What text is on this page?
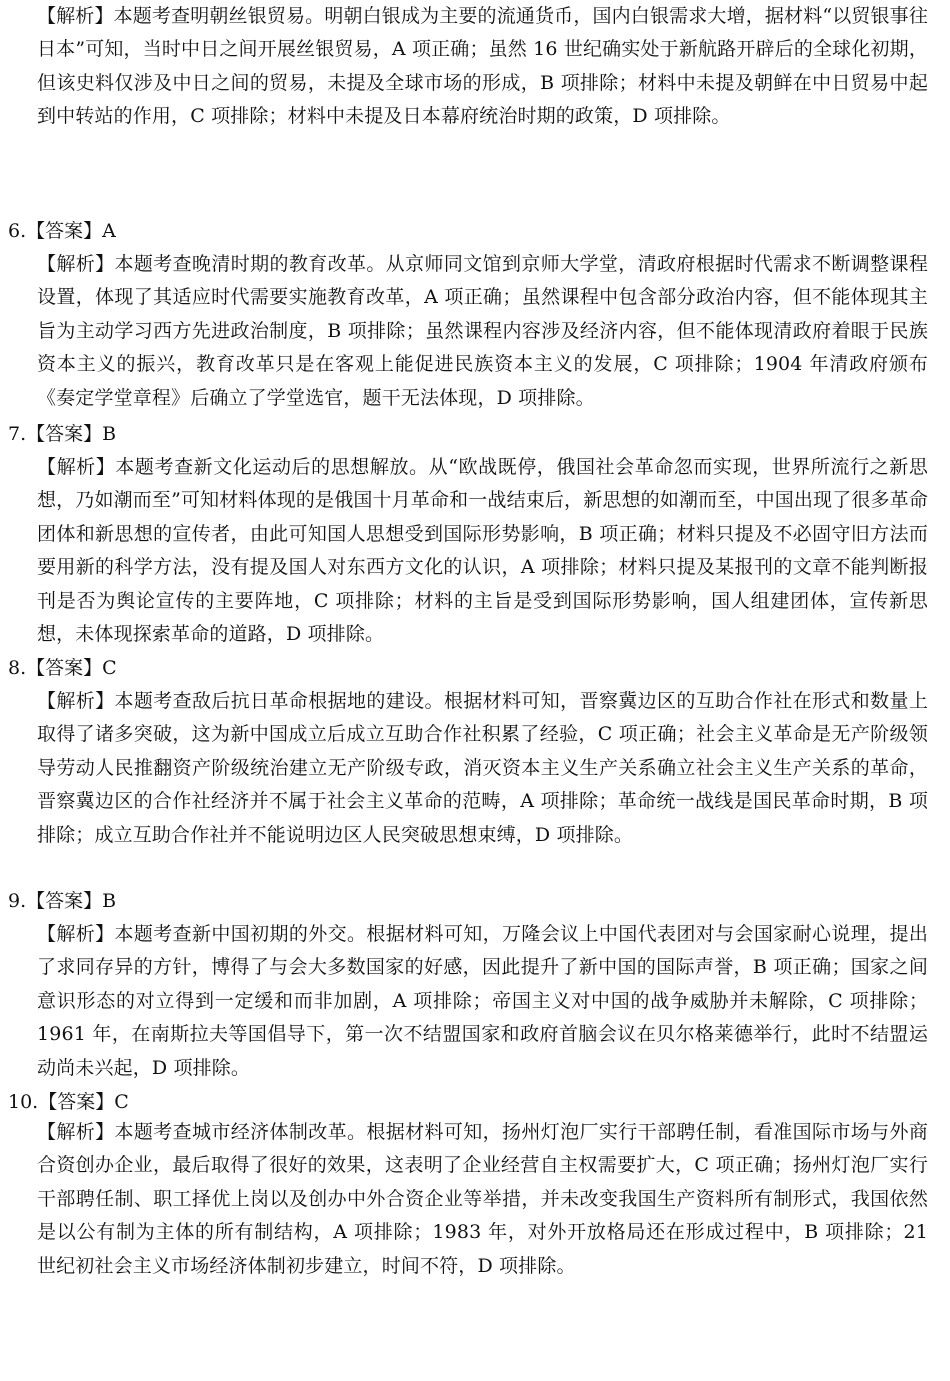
【解析】本题考查明朝丝银贸易。明朝白银成为主要的流通货币，国内白银需求大增，据材料“以贸银事往日本”可知，当时中日之间开展丝银贸易，A 项正确；虽然 16 世纪确实处于新航路开辟后的全球化初期，但该史料仅涉及中日之间的贸易，未提及全球市场的形成，B 项排除；材料中未提及朝鲜在中日贸易中起到中转站的作用，C 项排除；材料中未提及日本幕府统治时期的政策，D 项排除。

6.【答案】A

【解析】本题考查晚清时期的教育改革。从京师同文馆到京师大学堂，清政府根据时代需求不断调整课程设置，体现了其适应时代需要实施教育改革，A 项正确；虽然课程中包含部分政治内容，但不能体现其主旨为主动学习西方先进政治制度，B 项排除；虽然课程内容涉及经济内容，但不能体现清政府着眼于民族资本主义的振兴，教育改革只是在客观上能促进民族资本主义的发展，C 项排除；1904 年清政府颁布《奏定学堂章程》后确立了学堂选官，题干无法体现，D 项排除。

7.【答案】B

【解析】本题考查新文化运动后的思想解放。从“欧战既停，俄国社会革命忽而实现，世界所流行之新思想，乃如潮而至”可知材料体现的是俄国十月革命和一战结束后，新思想的如潮而至，中国出现了很多革命团体和新思想的宣传者，由此可知国人思想受到国际形势影响，B 项正确；材料只提及不必固守旧方法而要用新的科学方法，没有提及国人对东西方文化的认识，A 项排除；材料只提及某报刊的文章不能判断报刊是否为舆论宣传的主要阵地，C 项排除；材料的主旨是受到国际形势影响，国人组建团体，宣传新思想，未体现探索革命的道路，D 项排除。

8.【答案】C

【解析】本题考查敌后抗日革命根据地的建设。根据材料可知，晋察冀边区的互助合作社在形式和数量上取得了诸多突破，这为新中国成立后成立互助合作社积累了经验，C 项正确；社会主义革命是无产阶级领导劳动人民推翻资产阶级统治建立无产阶级专政，消灭资本主义生产关系确立社会主义生产关系的革命，晋察冀边区的合作社经济并不属于社会主义革命的范畴，A 项排除；革命统一战线是国民革命时期，B 项排除；成立互助合作社并不能说明边区人民突破思想束缚，D 项排除。

9.【答案】B

【解析】本题考查新中国初期的外交。根据材料可知，万隆会议上中国代表团对与会国家耐心说理，提出了求同存异的方针，博得了与会大多数国家的好感，因此提升了新中国的国际声誉，B 项正确；国家之间意识形态的对立得到一定缓和而非加剧，A 项排除；帝国主义对中国的战争威胁并未解除，C 项排除；1961 年，在南斯拉夫等国倡导下，第一次不结盟国家和政府首脑会议在贝尔格莱德举行，此时不结盟运动尚未兴起，D 项排除。

10.【答案】C

【解析】本题考查城市经济体制改革。根据材料可知，扬州灯泡厂实行干部聘任制，看准国际市场与外商合资创办企业，最后取得了很好的效果，这表明了企业经营自主权需要扩大，C 项正确；扬州灯泡厂实行干部聘任制、职工择优上岗以及创办中外合资企业等举措，并未改变我国生产资料所有制形式，我国依然是以公有制为主体的所有制结构，A 项排除；1983 年，对外开放格局还在形成过程中，B 项排除；21 世纪初社会主义市场经济体制初步建立，时间不符，D 项排除。
